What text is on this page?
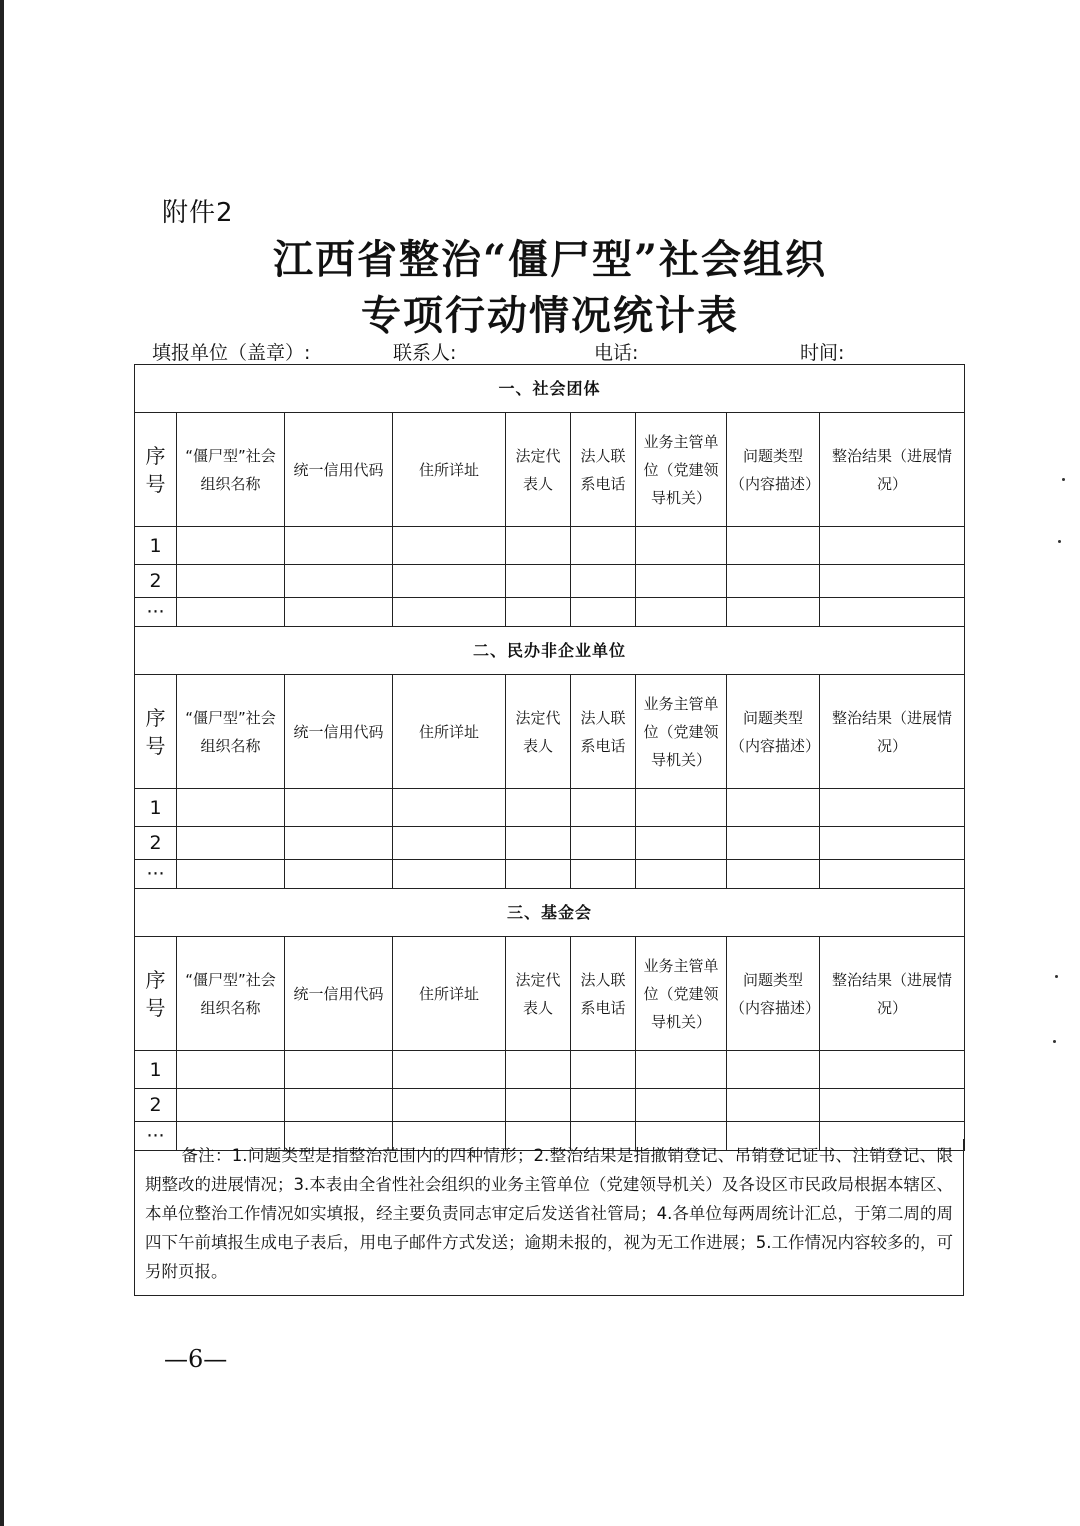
附件2
江西省整治“僵尸型”社会组织
专项行动情况统计表
填报单位（盖章）:	联系人:	电话:	时间:
一、社会团体								
序号	“僵尸型”社会组织名称	统一信用代码	住所详址	法定代表人	法人联系电话	业务主管单位（党建领导机关）	问题类型（内容描述）	整治结果（进展情况）
1								
2								
···								
二、民办非企业单位								
序号	“僵尸型”社会组织名称	统一信用代码	住所详址	法定代表人	法人联系电话	业务主管单位（党建领导机关）	问题类型（内容描述）	整治结果（进展情况）
1								
2								
···								
三、基金会								
序号	“僵尸型”社会组织名称	统一信用代码	住所详址	法定代表人	法人联系电话	业务主管单位（党建领导机关）	问题类型（内容描述）	整治结果（进展情况）
1								
2								
···								
备注：1.问题类型是指整治范围内的四种情形；2.整治结果是指撤销登记、吊销登记证书、注销登记、限期整改的进展情况；3.本表由全省性社会组织的业务主管单位（党建领导机关）及各设区市民政局根据本辖区、本单位整治工作情况如实填报，经主要负责同志审定后发送省社管局；4.各单位每两周统计汇总，于第二周的周四下午前填报生成电子表后，用电子邮件方式发送；逾期未报的，视为无工作进展；5.工作情况内容较多的，可另附页报。
—6—
